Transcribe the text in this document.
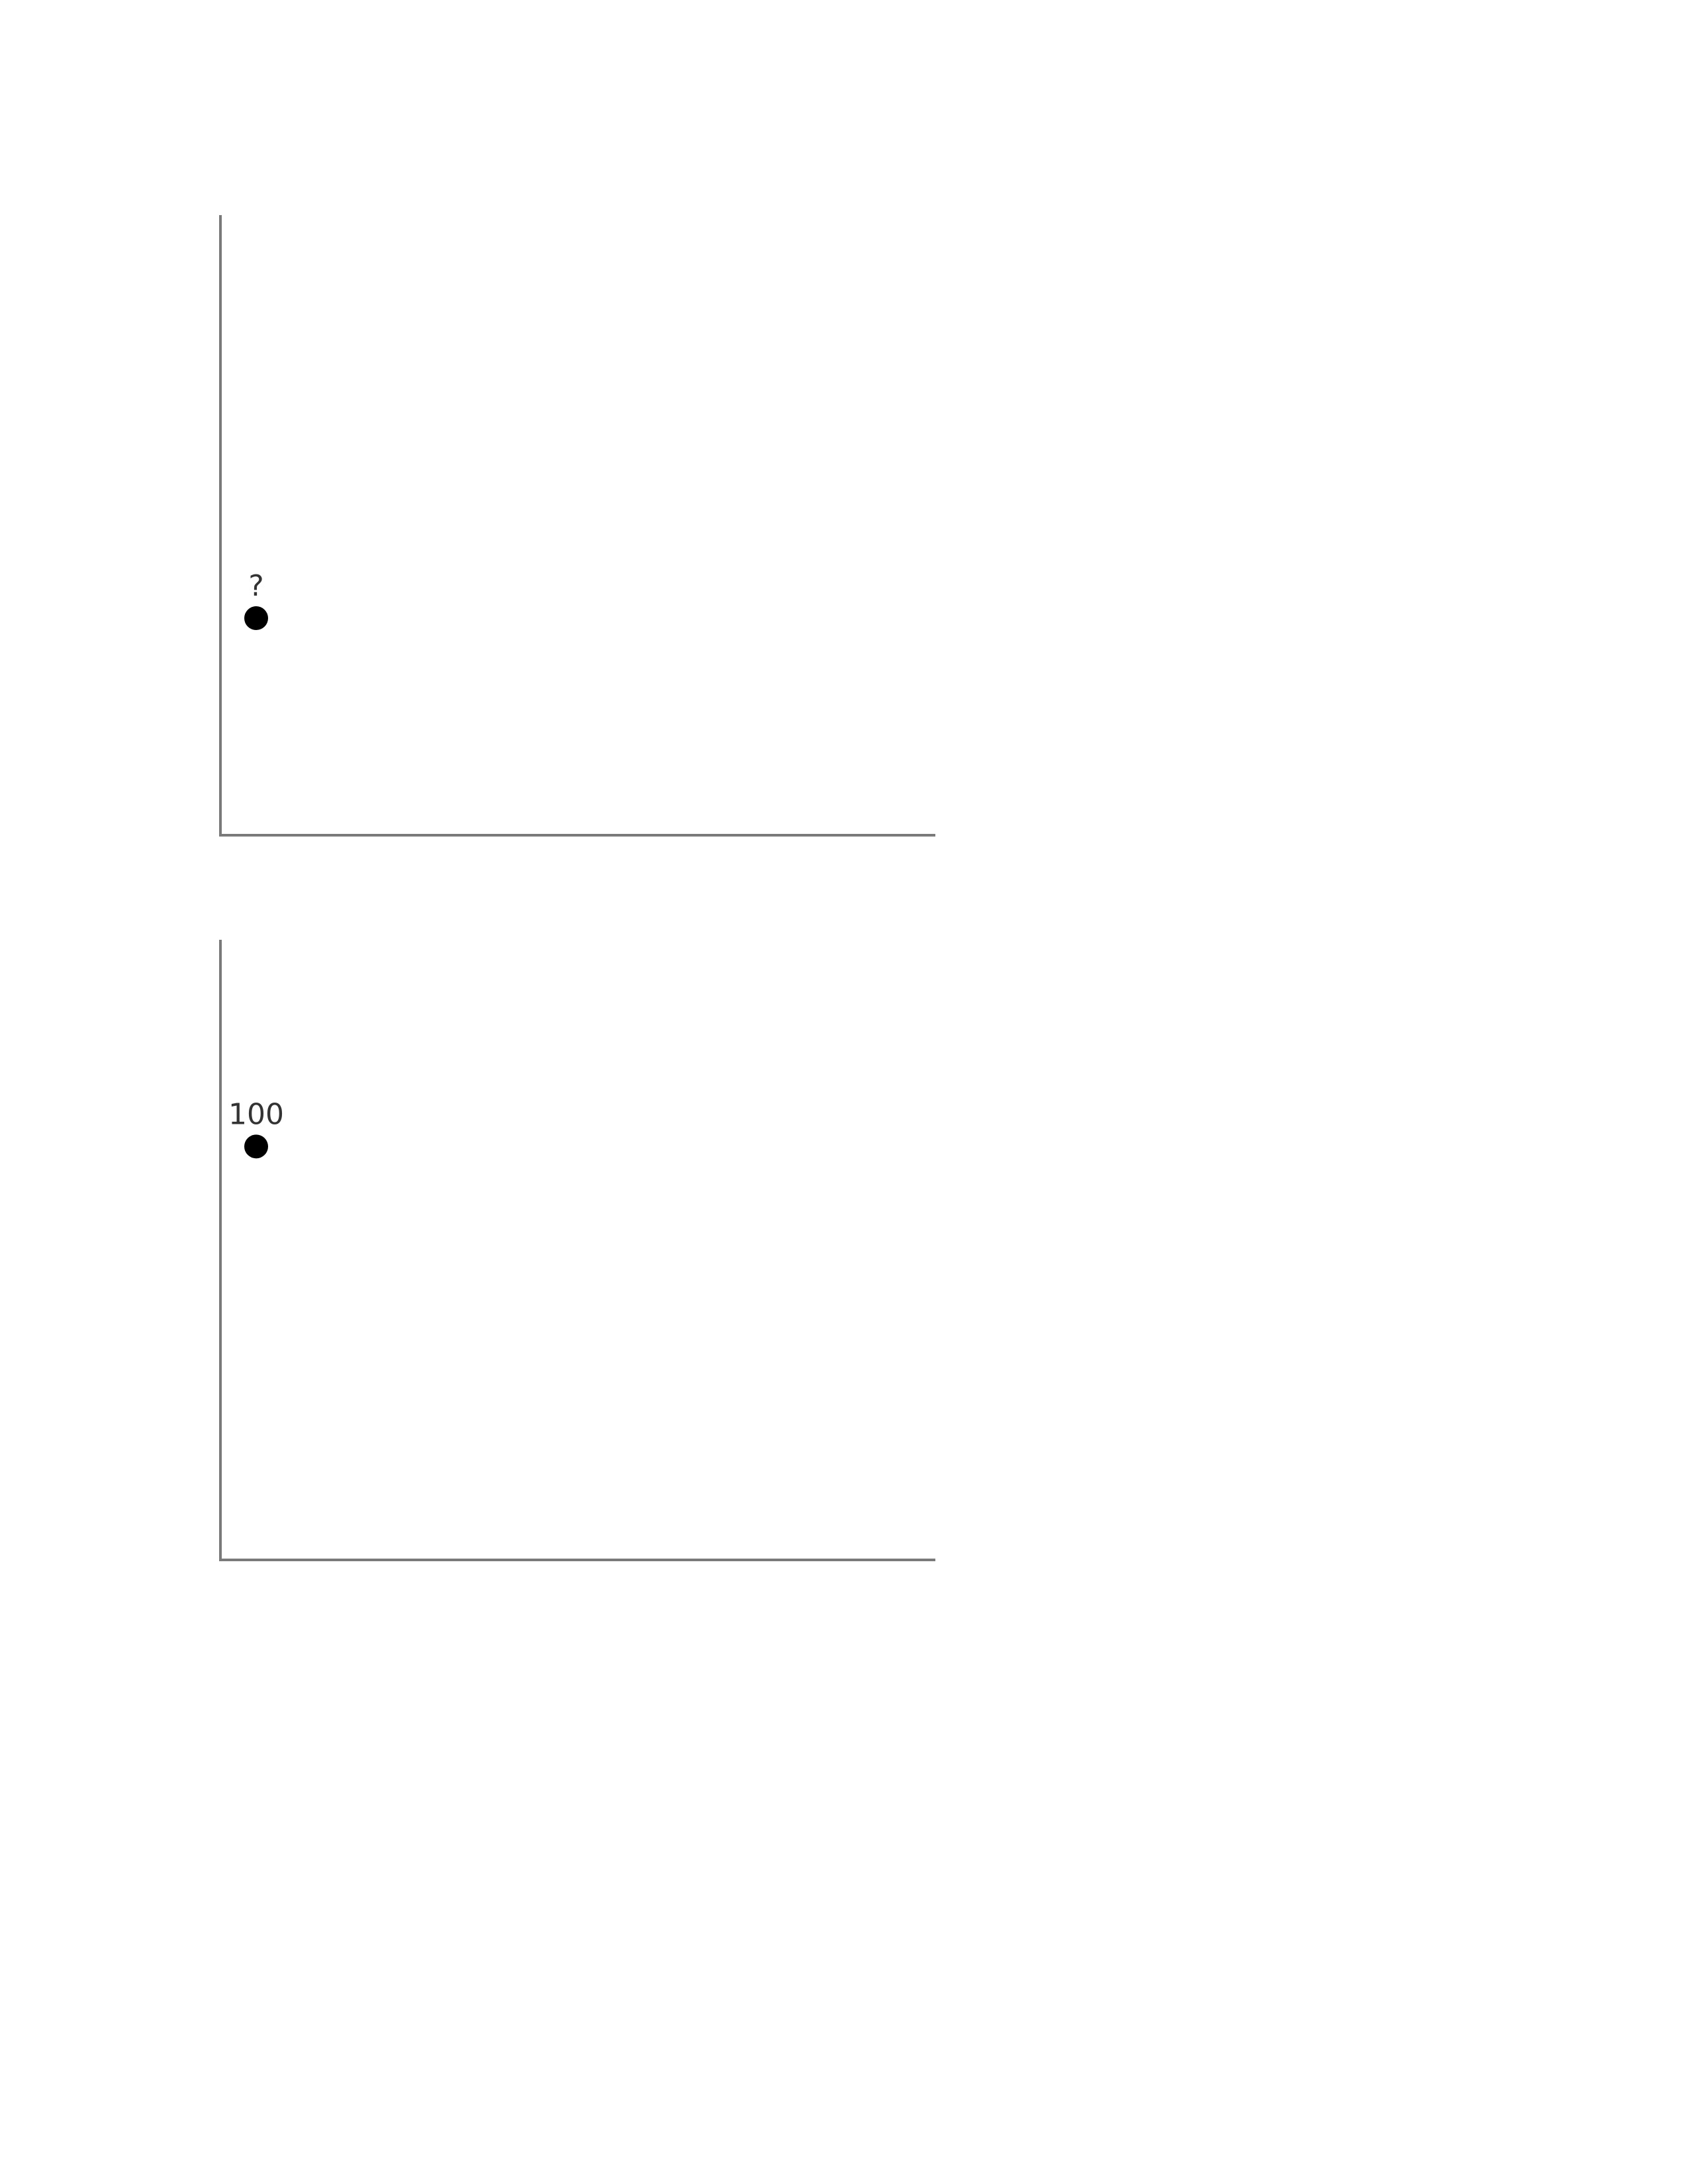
?
100
